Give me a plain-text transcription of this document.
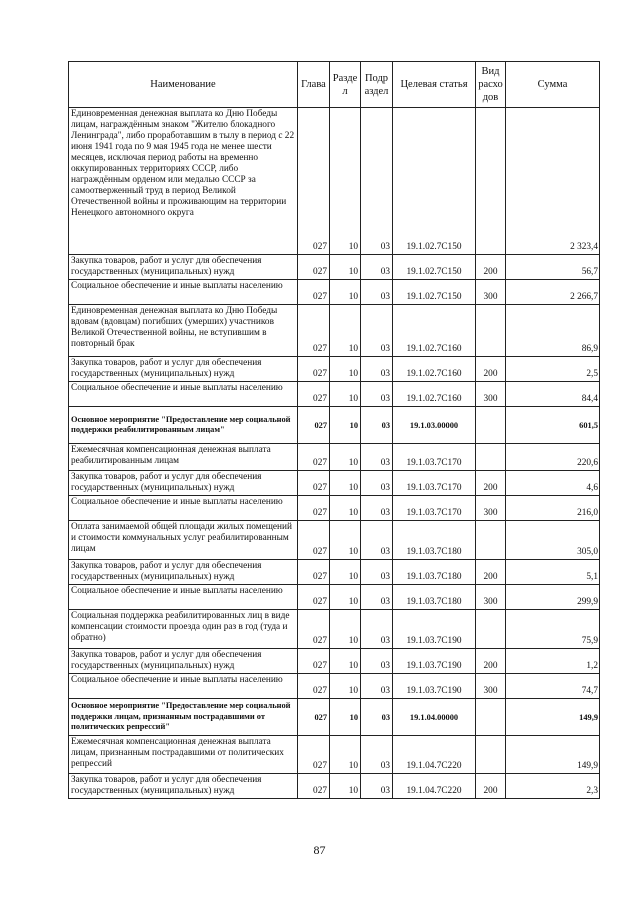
Наименование	Глава	Разде л	Подр аздел	Целевая статья	Вид расхо дов	Сумма
Единовременная денежная выплата ко Дню Победы лицам, награждённым знаком "Жителю блокадного Ленинграда", либо проработавшим в тылу в период с 22 июня 1941 года по 9 мая 1945 года не менее шести месяцев, исключая период работы на временно оккупированных территориях СССР, либо награждённым орденом или медалью СССР за самоотверженный труд в период Великой Отечественной войны и проживающим на территории Ненецкого автономного округа	027	10	03	19.1.02.7С150		2 323,4
Закупка товаров, работ и услуг для обеспечения государственных (муниципальных) нужд	027	10	03	19.1.02.7С150	200	56,7
Социальное обеспечение и иные выплаты населению	027	10	03	19.1.02.7С150	300	2 266,7
Единовременная денежная выплата ко Дню Победы вдовам (вдовцам) погибших (умерших) участников Великой Отечественной войны, не вступившим в повторный брак	027	10	03	19.1.02.7С160		86,9
Закупка товаров, работ и услуг для обеспечения государственных (муниципальных) нужд	027	10	03	19.1.02.7С160	200	2,5
Социальное обеспечение и иные выплаты населению	027	10	03	19.1.02.7С160	300	84,4
Основное мероприятие "Предоставление мер социальной поддержки реабилитированным лицам"	027	10	03	19.1.03.00000		601,5
Ежемесячная компенсационная денежная выплата реабилитированным лицам	027	10	03	19.1.03.7С170		220,6
Закупка товаров, работ и услуг для обеспечения государственных (муниципальных) нужд	027	10	03	19.1.03.7С170	200	4,6
Социальное обеспечение и иные выплаты населению	027	10	03	19.1.03.7С170	300	216,0
Оплата занимаемой общей площади жилых помещений и стоимости коммунальных услуг реабилитированным лицам	027	10	03	19.1.03.7С180		305,0
Закупка товаров, работ и услуг для обеспечения государственных (муниципальных) нужд	027	10	03	19.1.03.7С180	200	5,1
Социальное обеспечение и иные выплаты населению	027	10	03	19.1.03.7С180	300	299,9
Социальная поддержка реабилитированных лиц в виде компенсации стоимости проезда один раз в год (туда и обратно)	027	10	03	19.1.03.7С190		75,9
Закупка товаров, работ и услуг для обеспечения государственных (муниципальных) нужд	027	10	03	19.1.03.7С190	200	1,2
Социальное обеспечение и иные выплаты населению	027	10	03	19.1.03.7С190	300	74,7
Основное мероприятие "Предоставление мер социальной поддержки лицам, признанным пострадавшими от политических репрессий"	027	10	03	19.1.04.00000		149,9
Ежемесячная компенсационная денежная выплата лицам, признанным пострадавшими от политических репрессий	027	10	03	19.1.04.7С220		149,9
Закупка товаров, работ и услуг для обеспечения государственных (муниципальных) нужд	027	10	03	19.1.04.7С220	200	2,3
87
